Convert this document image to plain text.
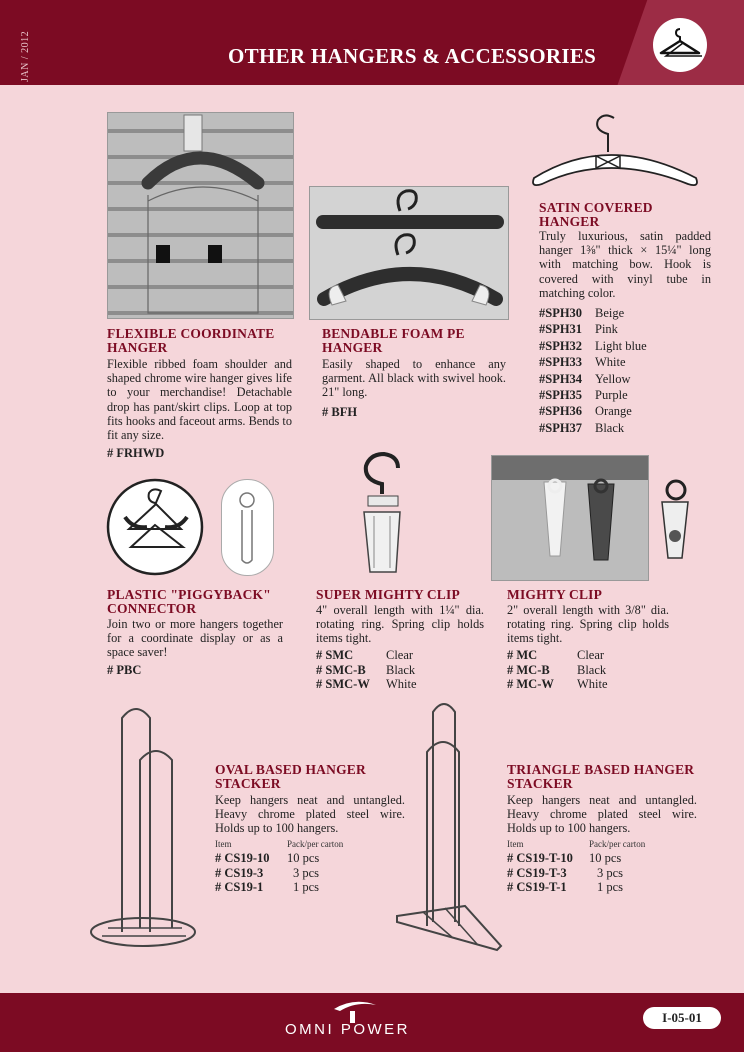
JAN / 2012	OTHER HANGERS & ACCESSORIES
FLEXIBLE COORDINATE HANGER
Flexible ribbed foam shoulder and shaped chrome wire hanger gives life to your merchandise! Detachable drop has pant/skirt clips. Loop at top fits hooks and faceout arms. Bends to fit any size.
# FRHWD
BENDABLE FOAM PE HANGER
Easily shaped to enhance any garment. All black with swivel hook. 21" long.
# BFH
SATIN COVERED HANGER
Truly luxurious, satin padded hanger 1⅜" thick × 15¼" long with matching bow. Hook is covered with vinyl tube in matching color.
#SPH30	Beige
#SPH31	Pink
#SPH32	Light blue
#SPH33	White
#SPH34	Yellow
#SPH35	Purple
#SPH36	Orange
#SPH37	Black
PLASTIC "PIGGYBACK" CONNECTOR
Join two or more hangers together for a coordinate display or as a space saver!
# PBC
SUPER MIGHTY CLIP
4" overall length with 1¼" dia. rotating ring. Spring clip holds items tight.
# SMC	Clear
# SMC-B	Black
# SMC-W	White
MIGHTY CLIP
2" overall length with 3/8" dia. rotating ring. Spring clip holds items tight.
# MC	Clear
# MC-B	Black
# MC-W	White
OVAL BASED HANGER STACKER
Keep hangers neat and untangled. Heavy chrome plated steel wire. Holds up to 100 hangers.
Item	Pack/per carton
# CS19-10	10 pcs
# CS19-3	3 pcs
# CS19-1	1 pcs
TRIANGLE BASED HANGER STACKER
Keep hangers neat and untangled. Heavy chrome plated steel wire. Holds up to 100 hangers.
Item	Pack/per carton
# CS19-T-10	10 pcs
# CS19-T-3	3 pcs
# CS19-T-1	1 pcs
OMNI POWER
I-05-01
